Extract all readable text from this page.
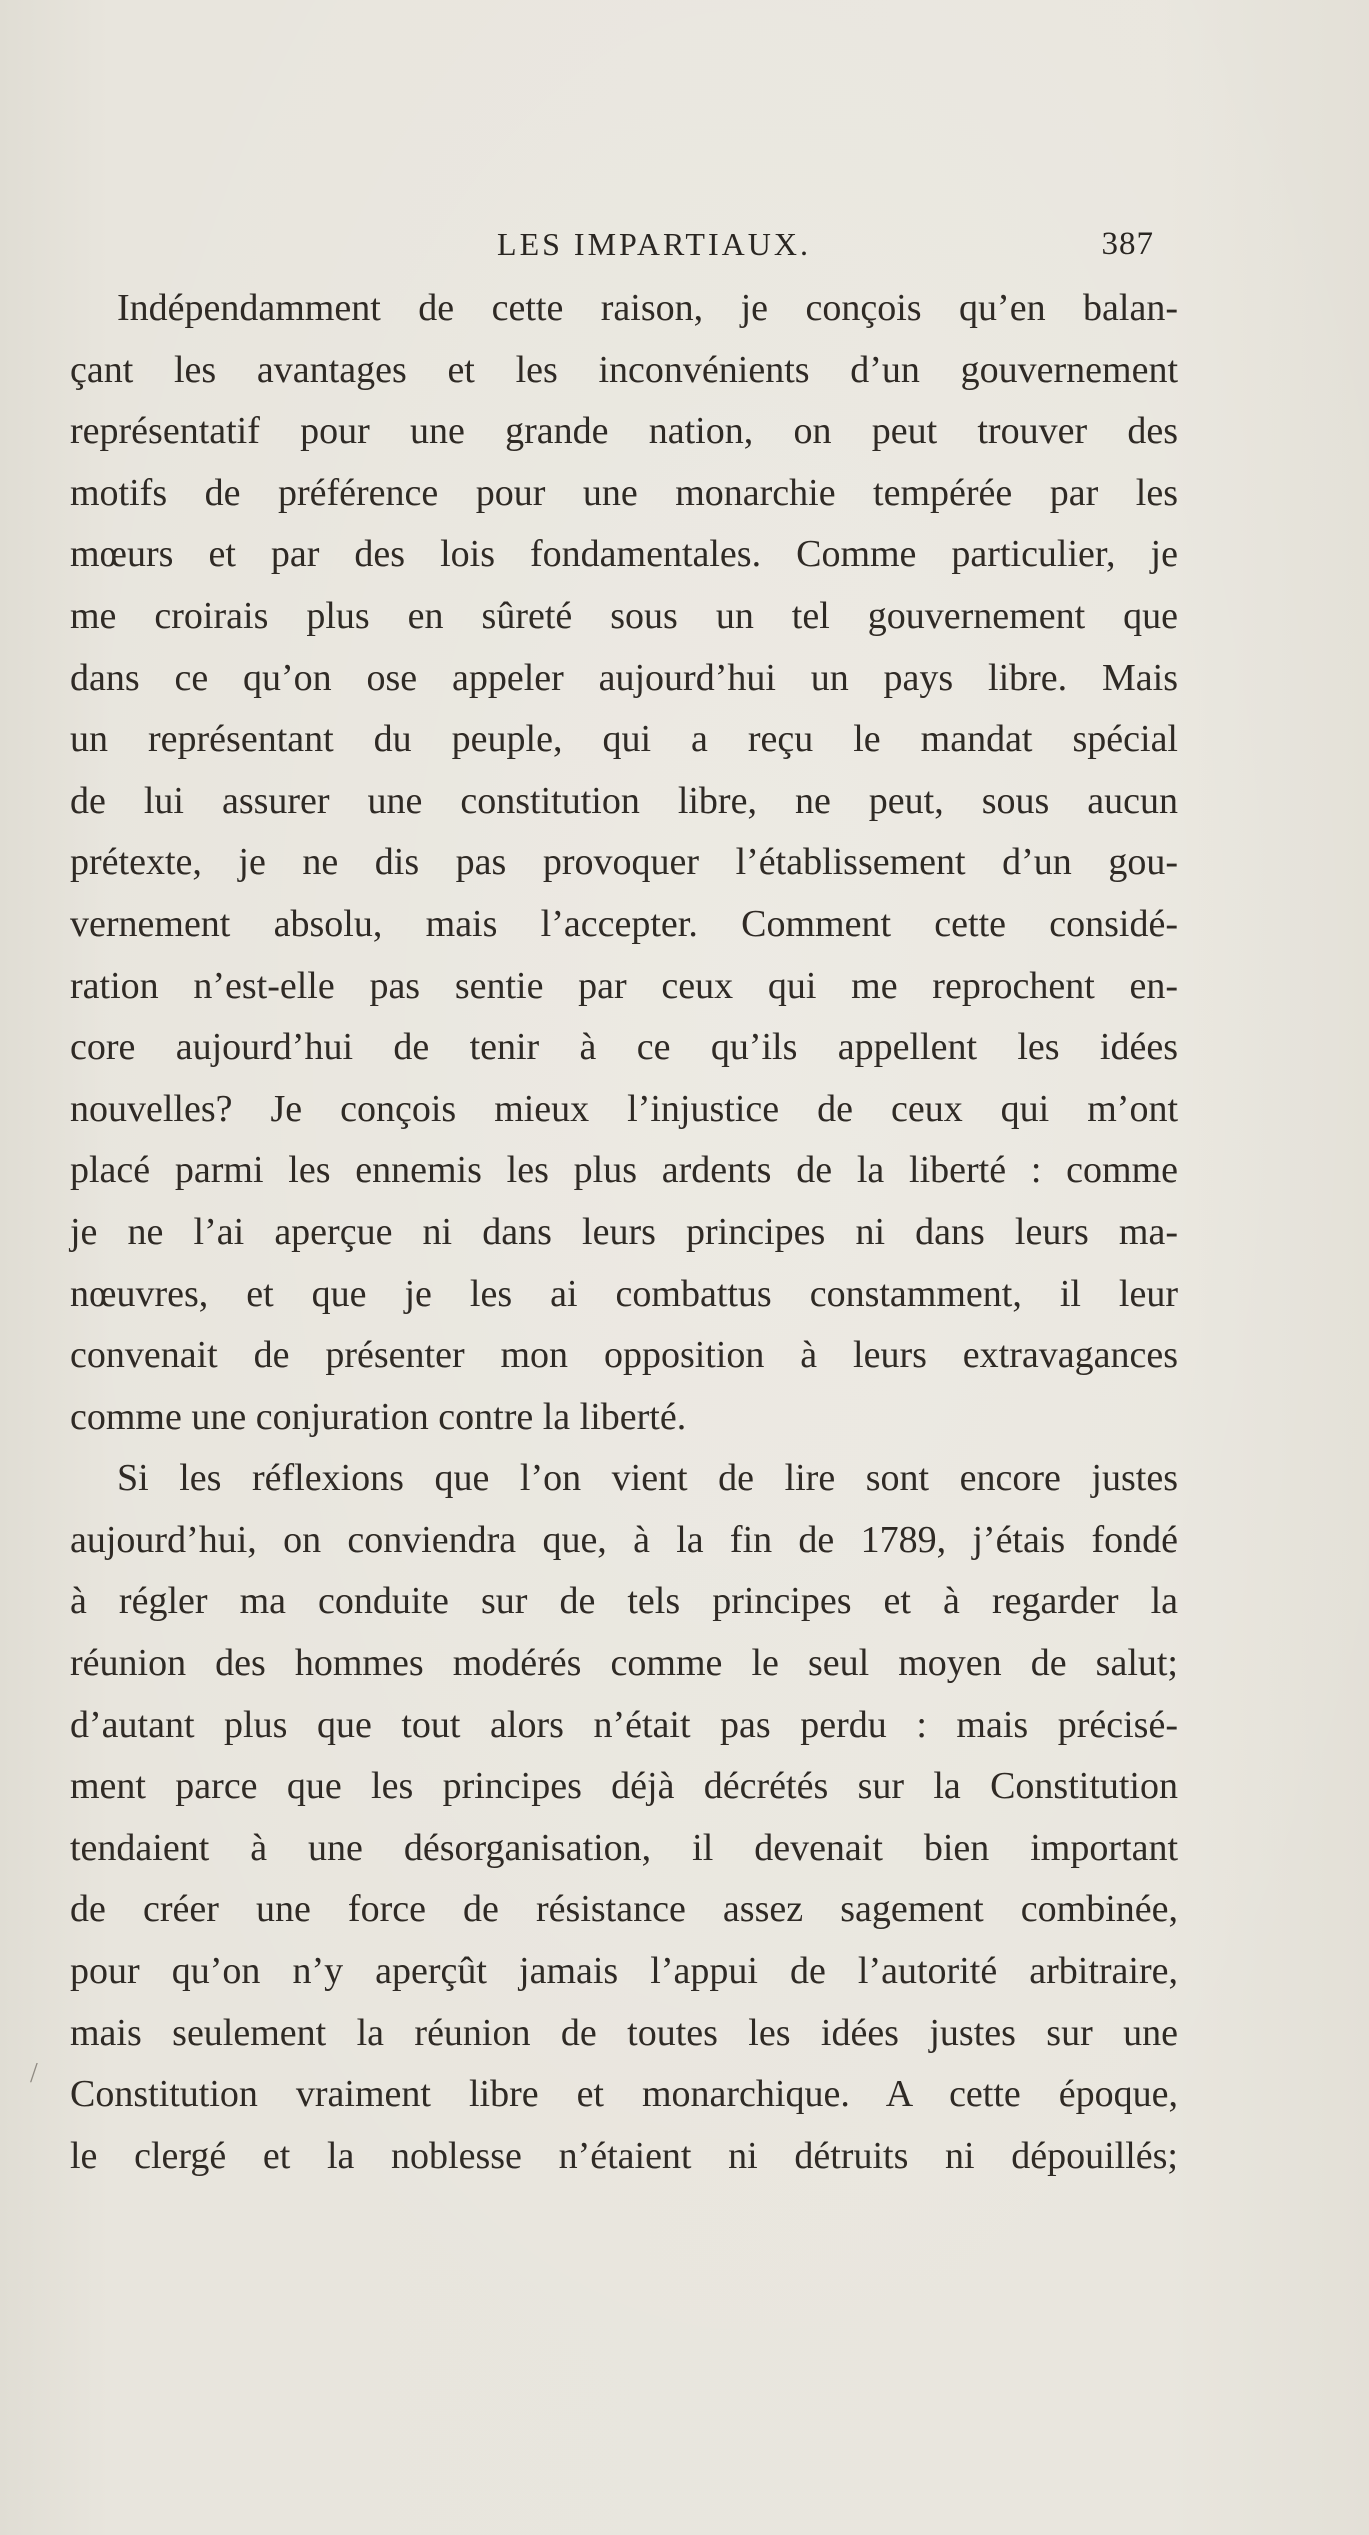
LES IMPARTIAUX.	387
Indépendamment de cette raison, je conçois qu’en balan-
çant les avantages et les inconvénients d’un gouvernement
représentatif pour une grande nation, on peut trouver des
motifs de préférence pour une monarchie tempérée par les
mœurs et par des lois fondamentales. Comme particulier, je
me croirais plus en sûreté sous un tel gouvernement que
dans ce qu’on ose appeler aujourd’hui un pays libre. Mais
un représentant du peuple, qui a reçu le mandat spécial
de lui assurer une constitution libre, ne peut, sous aucun
prétexte, je ne dis pas provoquer l’établissement d’un gou-
vernement absolu, mais l’accepter. Comment cette considé-
ration n’est-elle pas sentie par ceux qui me reprochent en-
core aujourd’hui de tenir à ce qu’ils appellent les idées
nouvelles? Je conçois mieux l’injustice de ceux qui m’ont
placé parmi les ennemis les plus ardents de la liberté : comme
je ne l’ai aperçue ni dans leurs principes ni dans leurs ma-
nœuvres, et que je les ai combattus constamment, il leur
convenait de présenter mon opposition à leurs extravagances
comme une conjuration contre la liberté.
Si les réflexions que l’on vient de lire sont encore justes
aujourd’hui, on conviendra que, à la fin de 1789, j’étais fondé
à régler ma conduite sur de tels principes et à regarder la
réunion des hommes modérés comme le seul moyen de salut;
d’autant plus que tout alors n’était pas perdu : mais précisé-
ment parce que les principes déjà décrétés sur la Constitution
tendaient à une désorganisation, il devenait bien important
de créer une force de résistance assez sagement combinée,
pour qu’on n’y aperçût jamais l’appui de l’autorité arbitraire,
mais seulement la réunion de toutes les idées justes sur une
Constitution vraiment libre et monarchique. A cette époque,
le clergé et la noblesse n’étaient ni détruits ni dépouillés;
/
